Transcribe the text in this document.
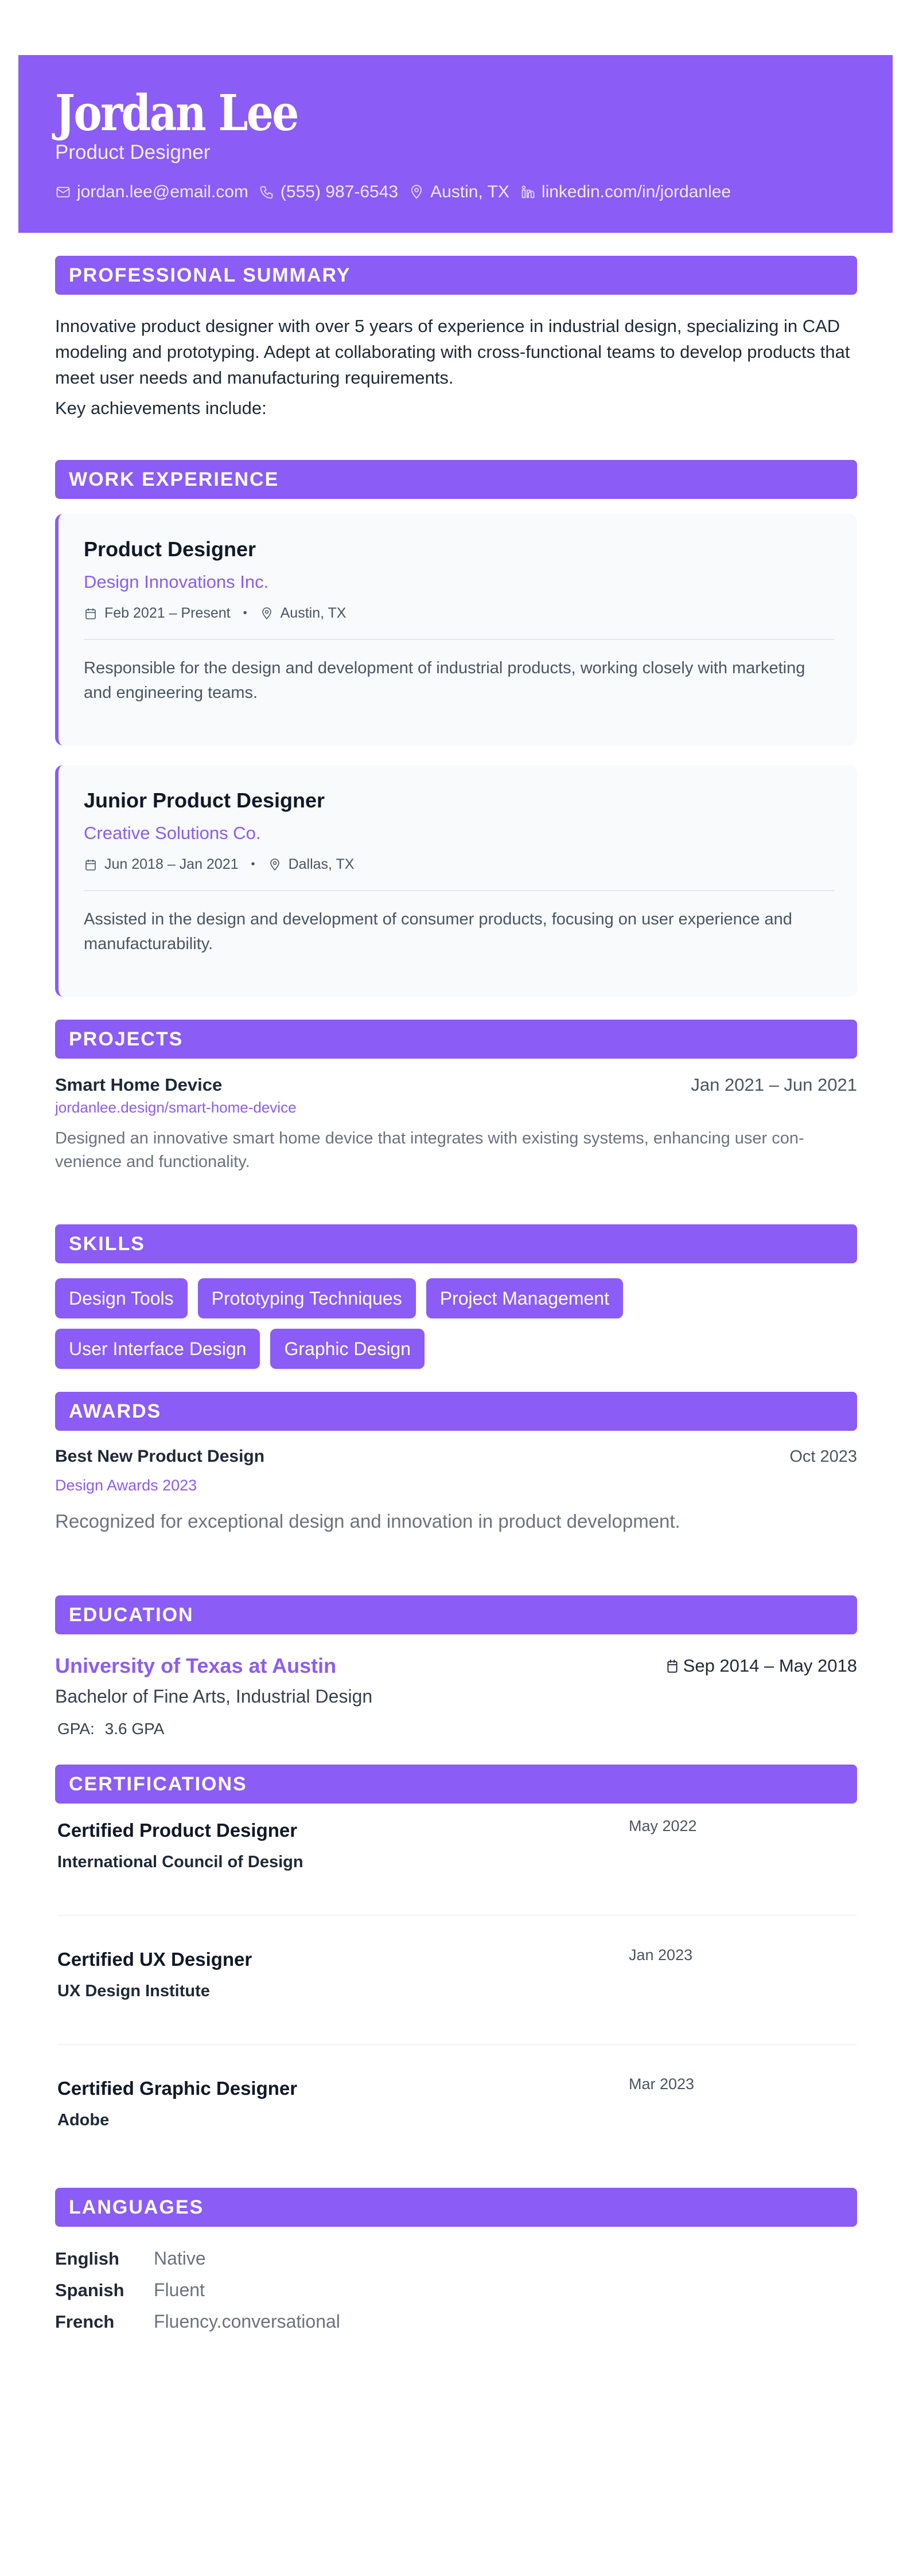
Jordan Lee
Product Designer
jordan.lee@email.com (555) 987-6543 Austin, TX linkedin.com/in/jordanlee
PROFESSIONAL SUMMARY

Innovative product designer with over 5 years of experience in industrial design, specializing in CAD modeling and prototyping. Adept at collaborating with cross-functional teams to develop products that meet user needs and manufacturing requirements.

Key achievements include:

WORK EXPERIENCE
Product Designer
Design Innovations Inc.
Feb 2021 – Present • Austin, TX

Responsible for the design and development of industrial products, working closely with marketing and engineering teams.

Junior Product Designer
Creative Solutions Co.
Jun 2018 – Jan 2021 • Dallas, TX

Assisted in the design and development of consumer products, focusing on user experience and manufacturability.

PROJECTS
Smart Home Device	Jan 2021 – Jun 2021
jordanlee.design/smart-home-device

Designed an innovative smart home device that integrates with existing systems, enhancing user convenience and functionality.

SKILLS
Design Tools	Prototyping Techniques	Project Management
User Interface Design	Graphic Design
AWARDS
Best New Product Design	Oct 2023
Design Awards 2023

Recognized for exceptional design and innovation in product development.

EDUCATION
University of Texas at Austin	Sep 2014 – May 2018
Bachelor of Fine Arts, Industrial Design
GPA: 3.6 GPA
CERTIFICATIONS
Certified Product Designer	May 2022
International Council of Design
Certified UX Designer	Jan 2023
UX Design Institute
Certified Graphic Designer	Mar 2023
Adobe
LANGUAGES
English	Native
Spanish	Fluent
French	Fluency.conversational
